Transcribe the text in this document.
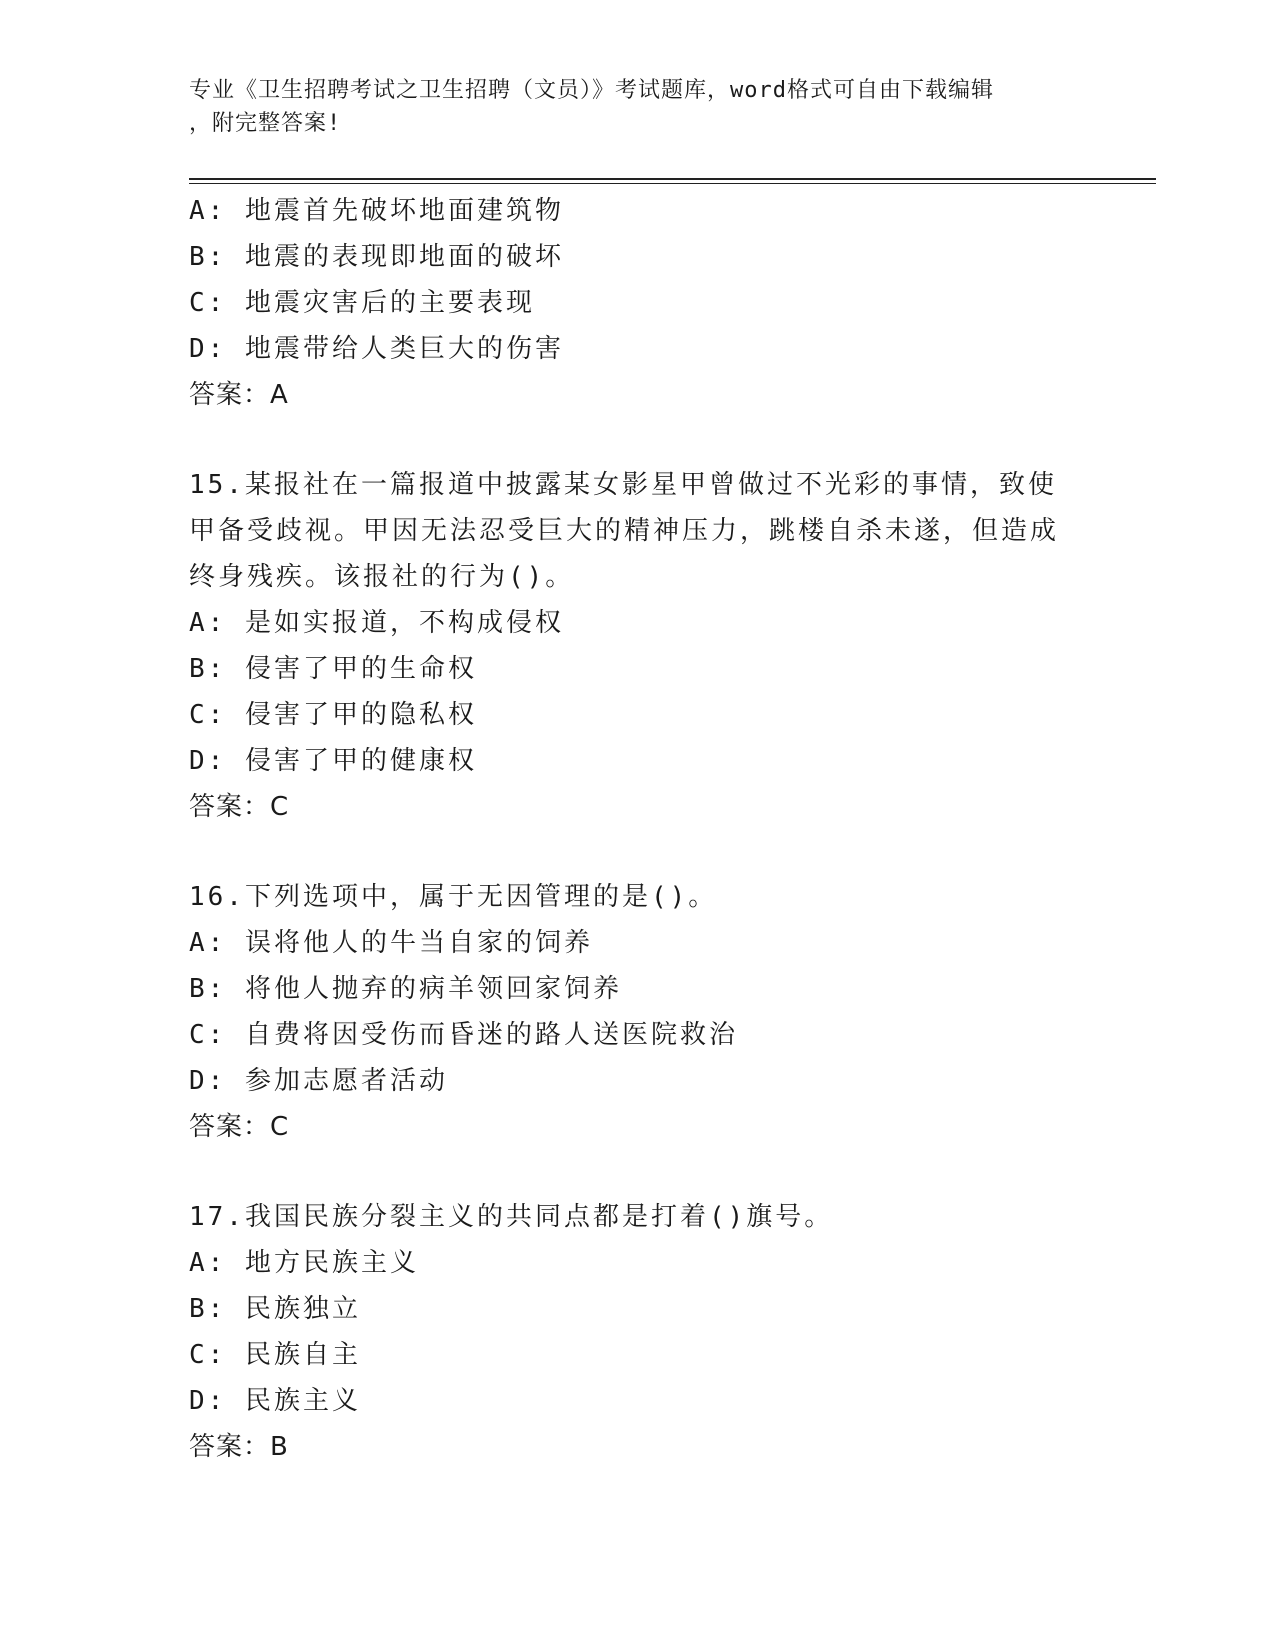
专业《卫生招聘考试之卫生招聘（文员）》考试题库，word格式可自由下载编辑
，附完整答案!
A: 地震首先破坏地面建筑物
B: 地震的表现即地面的破坏
C: 地震灾害后的主要表现
D: 地震带给人类巨大的伤害
答案：A
15.某报社在一篇报道中披露某女影星甲曾做过不光彩的事情，致使甲备受歧视。甲因无法忍受巨大的精神压力，跳楼自杀未遂，但造成终身残疾。该报社的行为()。
A: 是如实报道，不构成侵权
B: 侵害了甲的生命权
C: 侵害了甲的隐私权
D: 侵害了甲的健康权
答案：C
16.下列选项中，属于无因管理的是()。
A: 误将他人的牛当自家的饲养
B: 将他人抛弃的病羊领回家饲养
C: 自费将因受伤而昏迷的路人送医院救治
D: 参加志愿者活动
答案：C
17.我国民族分裂主义的共同点都是打着()旗号。
A: 地方民族主义
B: 民族独立
C: 民族自主
D: 民族主义
答案：B
